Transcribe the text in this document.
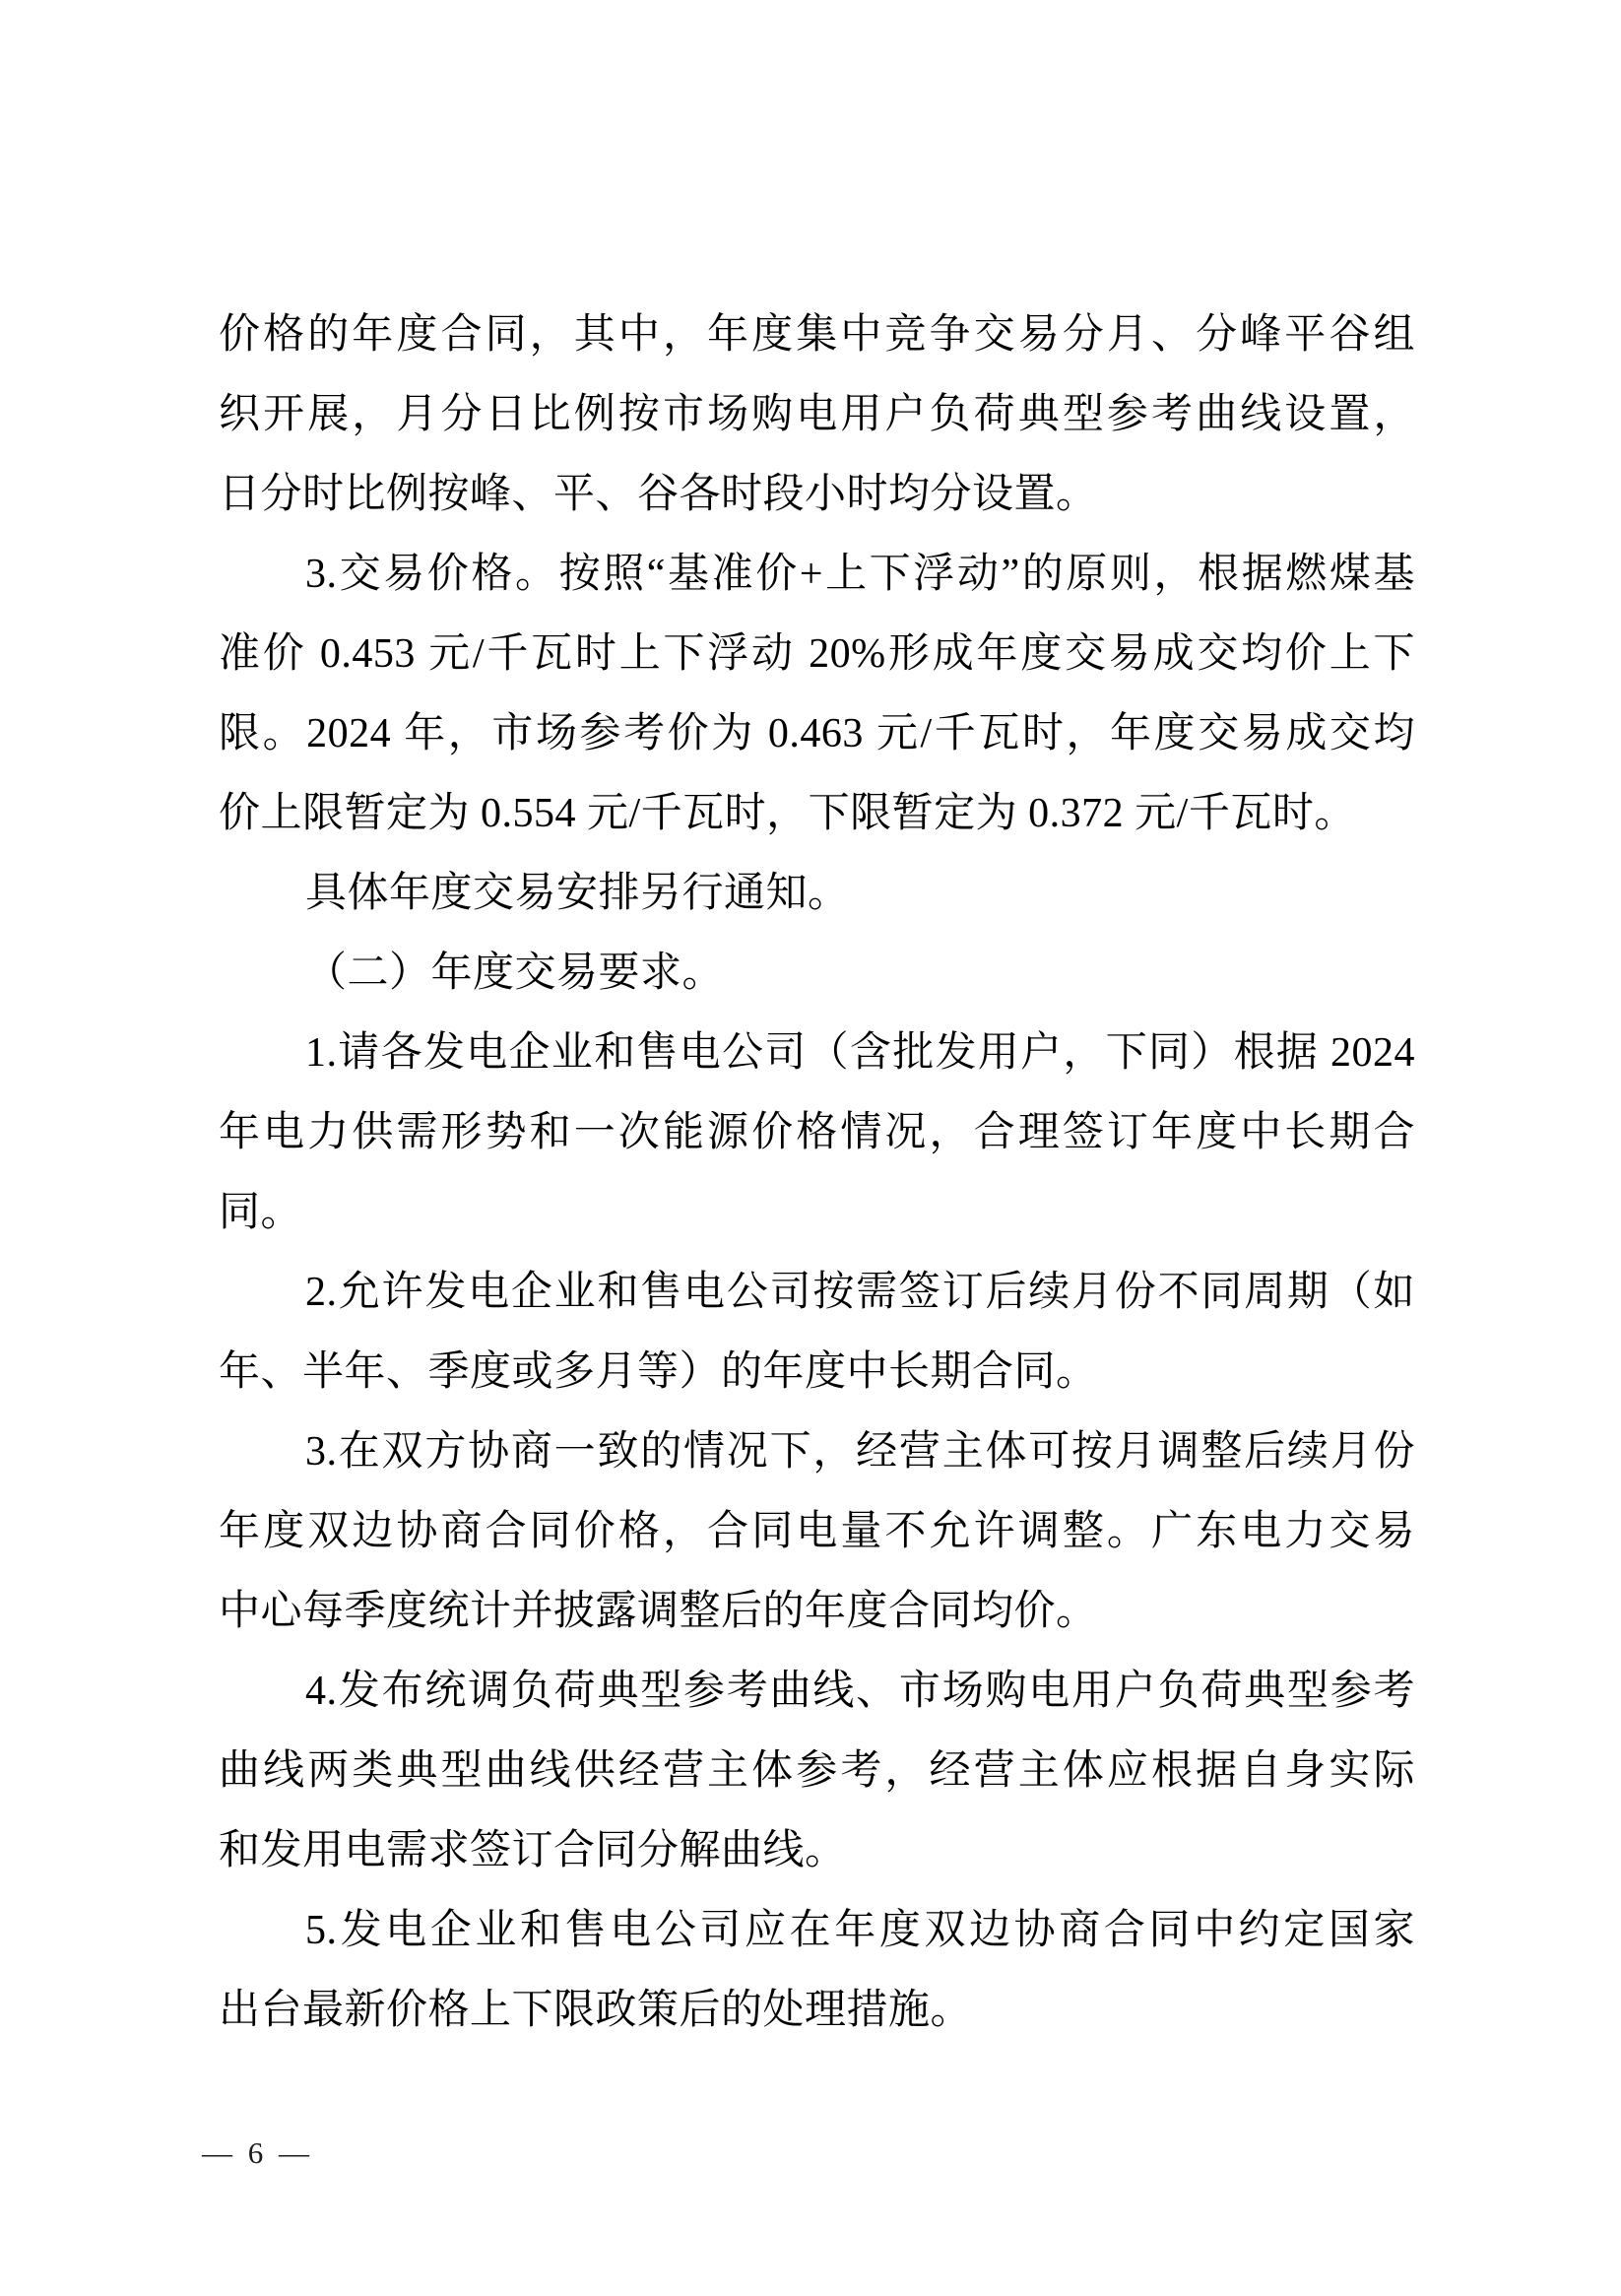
价格的年度合同，其中，年度集中竞争交易分月、分峰平谷组
织开展，月分日比例按市场购电用户负荷典型参考曲线设置，
日分时比例按峰、平、谷各时段小时均分设置。
3.交易价格。按照“基准价+上下浮动”的原则，根据燃煤基
准价 0.453 元/千瓦时上下浮动 20%形成年度交易成交均价上下
限。2024 年，市场参考价为 0.463 元/千瓦时，年度交易成交均
价上限暂定为 0.554 元/千瓦时，下限暂定为 0.372 元/千瓦时。
具体年度交易安排另行通知。
（二）年度交易要求。
1.请各发电企业和售电公司（含批发用户，下同）根据 2024
年电力供需形势和一次能源价格情况，合理签订年度中长期合
同。
2.允许发电企业和售电公司按需签订后续月份不同周期（如
年、半年、季度或多月等）的年度中长期合同。
3.在双方协商一致的情况下，经营主体可按月调整后续月份
年度双边协商合同价格，合同电量不允许调整。广东电力交易
中心每季度统计并披露调整后的年度合同均价。
4.发布统调负荷典型参考曲线、市场购电用户负荷典型参考
曲线两类典型曲线供经营主体参考，经营主体应根据自身实际
和发用电需求签订合同分解曲线。
5.发电企业和售电公司应在年度双边协商合同中约定国家
出台最新价格上下限政策后的处理措施。
— 6 —
